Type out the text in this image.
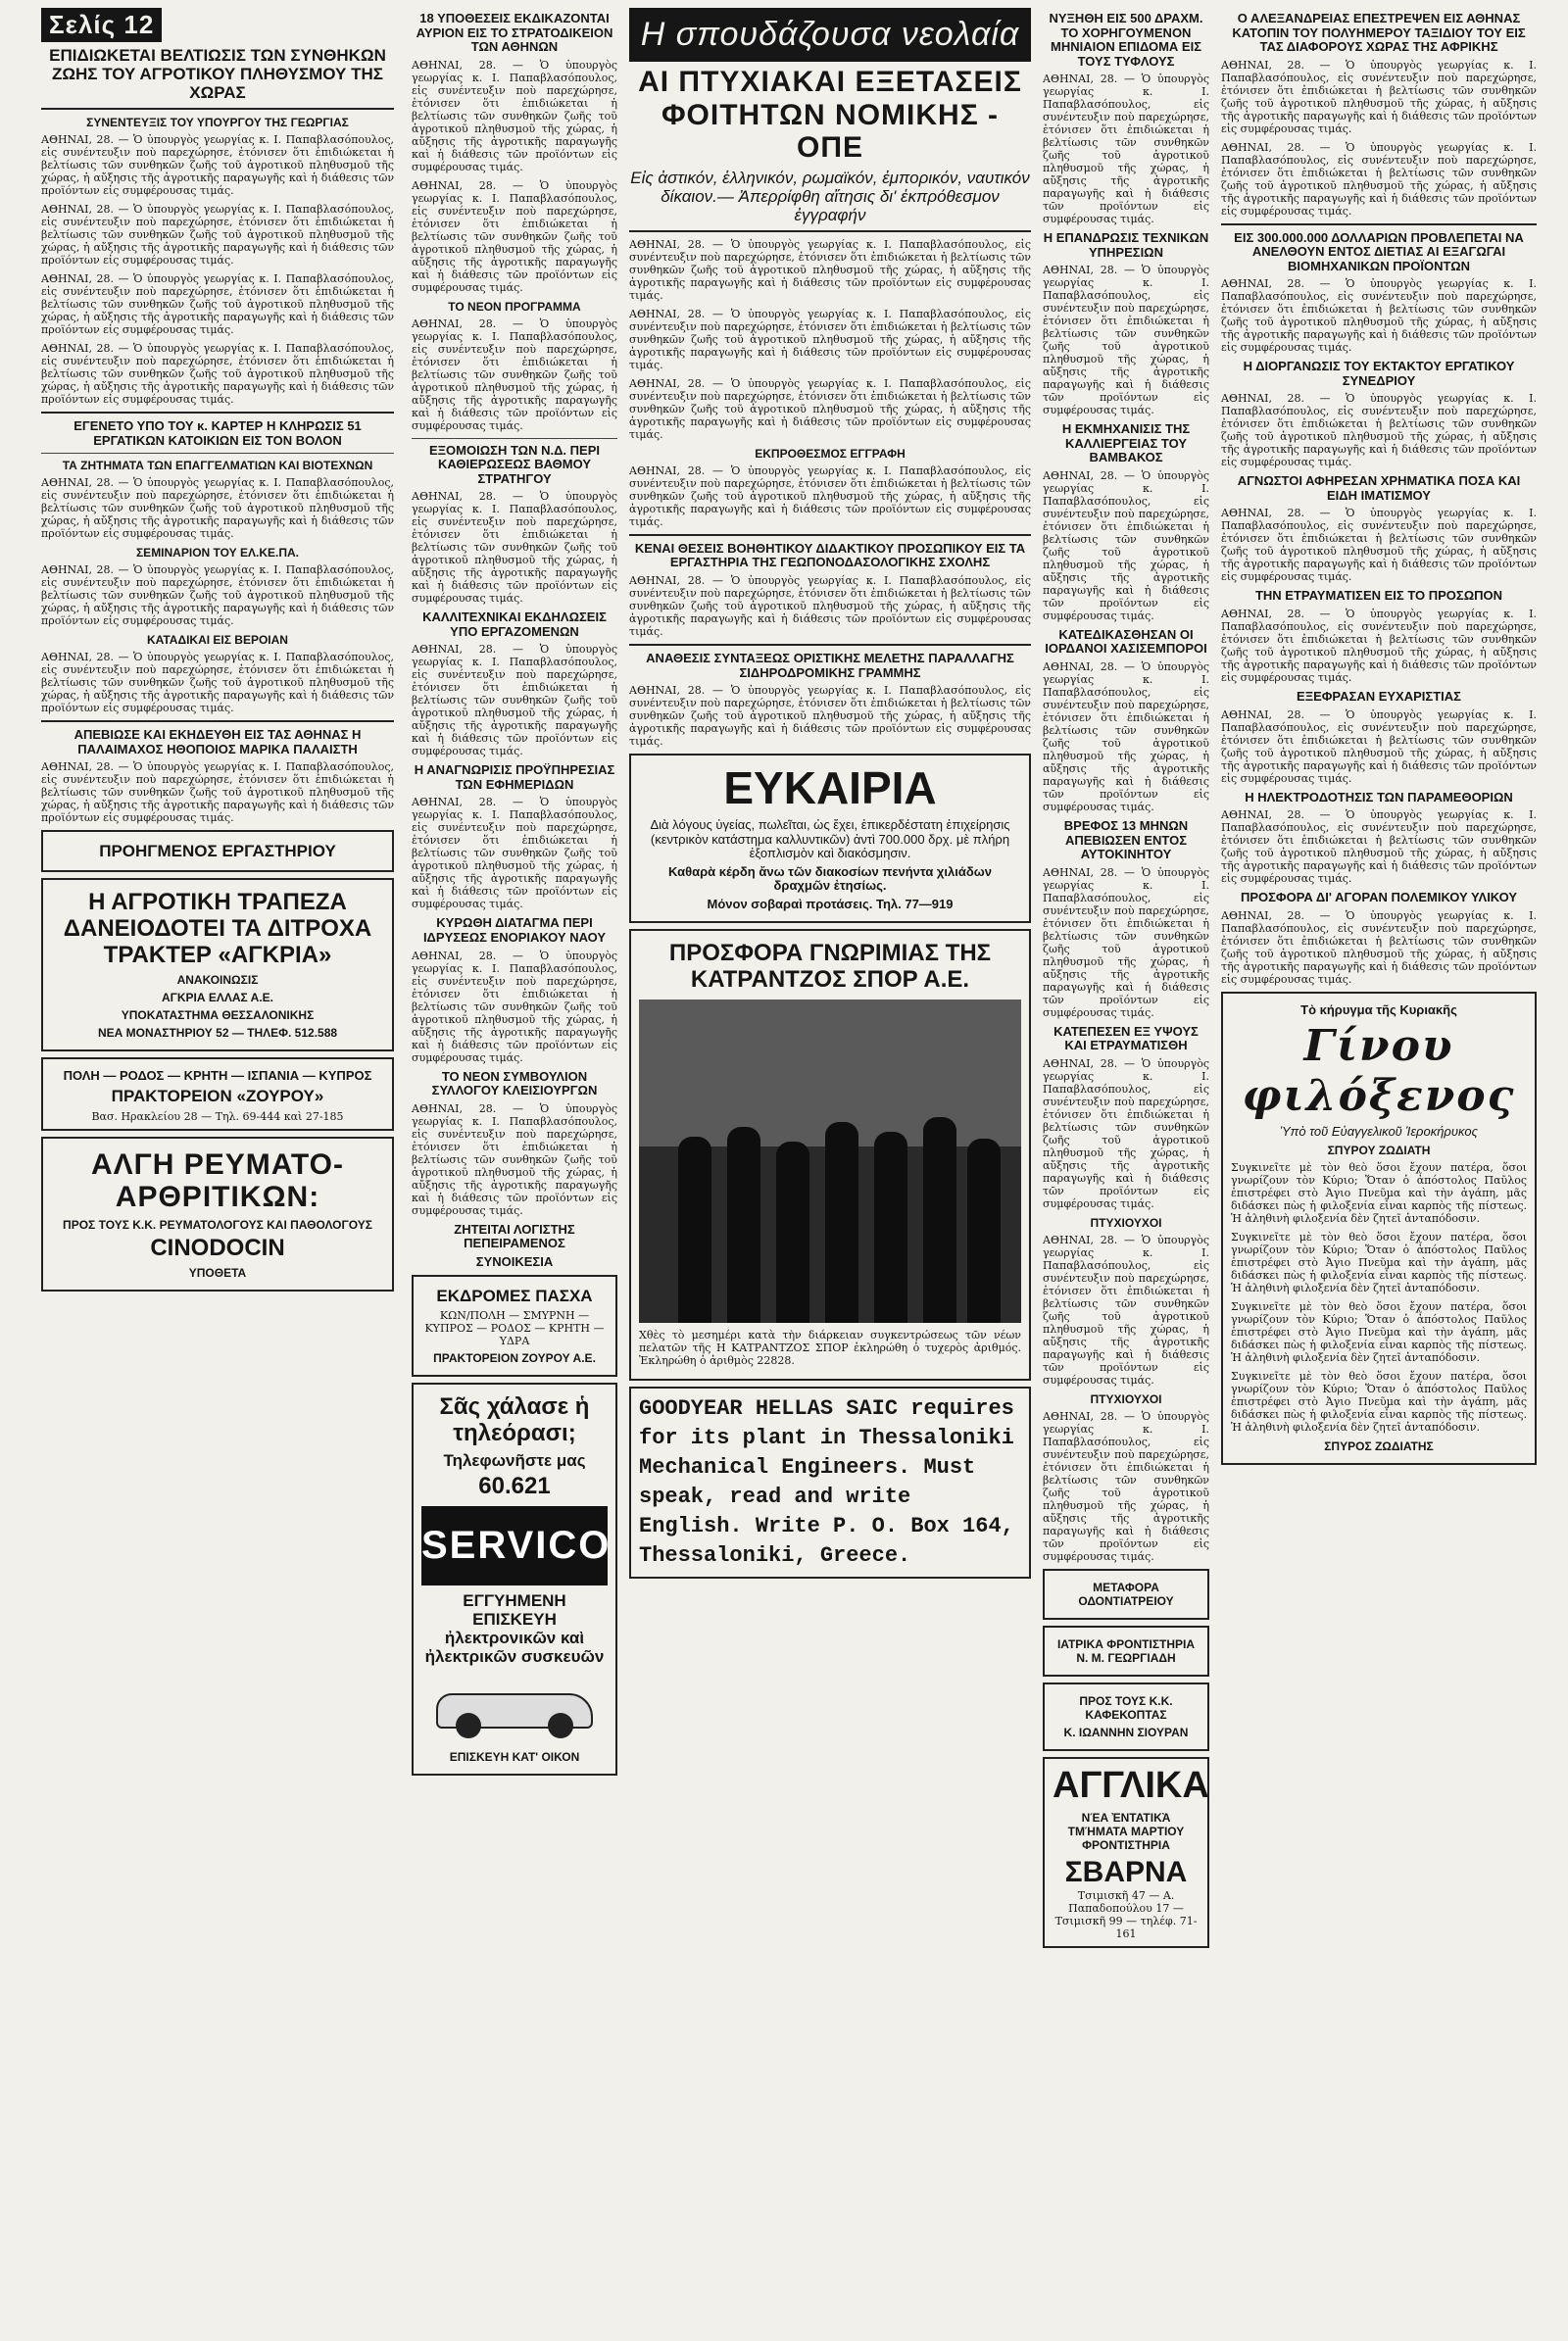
Σελίς 12
ΕΠΙΔΙΩΚΕΤΑΙ ΒΕΛΤΙΩΣΙΣ ΤΩΝ ΣΥΝΘΗΚΩΝ ΖΩΗΣ ΤΟΥ ΑΓΡΟΤΙΚΟΥ ΠΛΗΘΥΣΜΟΥ ΤΗΣ ΧΩΡΑΣ
ΣΥΝΕΝΤΕΥΞΙΣ ΤΟΥ ΥΠΟΥΡΓΟΥ ΤΗΣ ΓΕΩΡΓΙΑΣ

ΑΘΗΝΑΙ, 28. — Ὁ ὑπουργὸς γεωργίας κ. Ι. Παπαβλασόπουλος, εἰς συνέντευξιν ποὺ παρεχώρησε, ἐτόνισεν ὅτι ἐπιδιώκεται ἡ βελτίωσις τῶν συνθηκῶν ζωῆς τοῦ ἀγροτικοῦ πληθυσμοῦ τῆς χώρας, ἡ αὔξησις τῆς ἀγροτικῆς παραγωγῆς καὶ ἡ διάθεσις τῶν προϊόντων εἰς συμφέρουσας τιμάς.

ΑΘΗΝΑΙ, 28. — Ὁ ὑπουργὸς γεωργίας κ. Ι. Παπαβλασόπουλος, εἰς συνέντευξιν ποὺ παρεχώρησε, ἐτόνισεν ὅτι ἐπιδιώκεται ἡ βελτίωσις τῶν συνθηκῶν ζωῆς τοῦ ἀγροτικοῦ πληθυσμοῦ τῆς χώρας, ἡ αὔξησις τῆς ἀγροτικῆς παραγωγῆς καὶ ἡ διάθεσις τῶν προϊόντων εἰς συμφέρουσας τιμάς.

ΑΘΗΝΑΙ, 28. — Ὁ ὑπουργὸς γεωργίας κ. Ι. Παπαβλασόπουλος, εἰς συνέντευξιν ποὺ παρεχώρησε, ἐτόνισεν ὅτι ἐπιδιώκεται ἡ βελτίωσις τῶν συνθηκῶν ζωῆς τοῦ ἀγροτικοῦ πληθυσμοῦ τῆς χώρας, ἡ αὔξησις τῆς ἀγροτικῆς παραγωγῆς καὶ ἡ διάθεσις τῶν προϊόντων εἰς συμφέρουσας τιμάς.

ΑΘΗΝΑΙ, 28. — Ὁ ὑπουργὸς γεωργίας κ. Ι. Παπαβλασόπουλος, εἰς συνέντευξιν ποὺ παρεχώρησε, ἐτόνισεν ὅτι ἐπιδιώκεται ἡ βελτίωσις τῶν συνθηκῶν ζωῆς τοῦ ἀγροτικοῦ πληθυσμοῦ τῆς χώρας, ἡ αὔξησις τῆς ἀγροτικῆς παραγωγῆς καὶ ἡ διάθεσις τῶν προϊόντων εἰς συμφέρουσας τιμάς.

ΕΓΕΝΕΤΟ ΥΠΟ ΤΟΥ κ. ΚΑΡΤΕΡ Η ΚΛΗΡΩΣΙΣ 51 ΕΡΓΑΤΙΚΩΝ ΚΑΤΟΙΚΙΩΝ ΕΙΣ ΤΟΝ ΒΟΛΟΝ
ΤΑ ΖΗΤΗΜΑΤΑ ΤΩΝ ΕΠΑΓΓΕΛΜΑΤΙΩΝ ΚΑΙ ΒΙΟΤΕΧΝΩΝ

ΑΘΗΝΑΙ, 28. — Ὁ ὑπουργὸς γεωργίας κ. Ι. Παπαβλασόπουλος, εἰς συνέντευξιν ποὺ παρεχώρησε, ἐτόνισεν ὅτι ἐπιδιώκεται ἡ βελτίωσις τῶν συνθηκῶν ζωῆς τοῦ ἀγροτικοῦ πληθυσμοῦ τῆς χώρας, ἡ αὔξησις τῆς ἀγροτικῆς παραγωγῆς καὶ ἡ διάθεσις τῶν προϊόντων εἰς συμφέρουσας τιμάς.

ΣΕΜΙΝΑΡΙΟΝ ΤΟΥ ΕΛ.ΚΕ.ΠΑ.

ΑΘΗΝΑΙ, 28. — Ὁ ὑπουργὸς γεωργίας κ. Ι. Παπαβλασόπουλος, εἰς συνέντευξιν ποὺ παρεχώρησε, ἐτόνισεν ὅτι ἐπιδιώκεται ἡ βελτίωσις τῶν συνθηκῶν ζωῆς τοῦ ἀγροτικοῦ πληθυσμοῦ τῆς χώρας, ἡ αὔξησις τῆς ἀγροτικῆς παραγωγῆς καὶ ἡ διάθεσις τῶν προϊόντων εἰς συμφέρουσας τιμάς.

ΚΑΤΑΔΙΚΑΙ ΕΙΣ ΒΕΡΟΙΑΝ

ΑΘΗΝΑΙ, 28. — Ὁ ὑπουργὸς γεωργίας κ. Ι. Παπαβλασόπουλος, εἰς συνέντευξιν ποὺ παρεχώρησε, ἐτόνισεν ὅτι ἐπιδιώκεται ἡ βελτίωσις τῶν συνθηκῶν ζωῆς τοῦ ἀγροτικοῦ πληθυσμοῦ τῆς χώρας, ἡ αὔξησις τῆς ἀγροτικῆς παραγωγῆς καὶ ἡ διάθεσις τῶν προϊόντων εἰς συμφέρουσας τιμάς.

ΑΠΕΒΙΩΣΕ ΚΑΙ ΕΚΗΔΕΥΘΗ ΕΙΣ ΤΑΣ ΑΘΗΝΑΣ Η ΠΑΛΑΙΜΑΧΟΣ ΗΘΟΠΟΙΟΣ ΜΑΡΙΚΑ ΠΑΛΑΙΣΤΗ

ΑΘΗΝΑΙ, 28. — Ὁ ὑπουργὸς γεωργίας κ. Ι. Παπαβλασόπουλος, εἰς συνέντευξιν ποὺ παρεχώρησε, ἐτόνισεν ὅτι ἐπιδιώκεται ἡ βελτίωσις τῶν συνθηκῶν ζωῆς τοῦ ἀγροτικοῦ πληθυσμοῦ τῆς χώρας, ἡ αὔξησις τῆς ἀγροτικῆς παραγωγῆς καὶ ἡ διάθεσις τῶν προϊόντων εἰς συμφέρουσας τιμάς.

ΠΡΟΗΓΜΕΝΟΣ ΕΡΓΑΣΤΗΡΙΟΥ
Η ΑΓΡΟΤΙΚΗ ΤΡΑΠΕΖΑ ΔΑΝΕΙΟΔΟΤΕΙ ΤΑ ΔΙΤΡΟΧΑ ΤΡΑΚΤΕΡ «ΑΓΚΡΙΑ»
ΑΝΑΚΟΙΝΩΣΙΣ
ΑΓΚΡΙΑ ΕΛΛΑΣ Α.Ε.
ΥΠΟΚΑΤΑΣΤΗΜΑ ΘΕΣΣΑΛΟΝΙΚΗΣ
ΝΕΑ ΜΟΝΑΣΤΗΡΙΟΥ 52 — ΤΗΛΕΦ. 512.588
ΠΟΛΗ — ΡΟΔΟΣ — ΚΡΗΤΗ — ΙΣΠΑΝΙΑ — ΚΥΠΡΟΣ
ΠΡΑΚΤΟΡΕΙΟΝ «ΖΟΥΡΟΥ»
Βασ. Ηρακλείου 28 — Τηλ. 69-444 καὶ 27-185
ΑΛΓΗ ΡΕΥΜΑΤΟ- ΑΡΘΡΙΤΙΚΩΝ:
ΠΡΟΣ ΤΟΥΣ Κ.Κ. ΡΕΥΜΑΤΟΛΟΓΟΥΣ ΚΑΙ ΠΑΘΟΛΟΓΟΥΣ
CINODOCIN
ΥΠΟΘΕΤΑ
18 ΥΠΟΘΕΣΕΙΣ ΕΚΔΙΚΑΖΟΝΤΑΙ ΑΥΡΙΟΝ ΕΙΣ ΤΟ ΣΤΡΑΤΟΔΙΚΕΙΟΝ ΤΩΝ ΑΘΗΝΩΝ

ΑΘΗΝΑΙ, 28. — Ὁ ὑπουργὸς γεωργίας κ. Ι. Παπαβλασόπουλος, εἰς συνέντευξιν ποὺ παρεχώρησε, ἐτόνισεν ὅτι ἐπιδιώκεται ἡ βελτίωσις τῶν συνθηκῶν ζωῆς τοῦ ἀγροτικοῦ πληθυσμοῦ τῆς χώρας, ἡ αὔξησις τῆς ἀγροτικῆς παραγωγῆς καὶ ἡ διάθεσις τῶν προϊόντων εἰς συμφέρουσας τιμάς.

ΑΘΗΝΑΙ, 28. — Ὁ ὑπουργὸς γεωργίας κ. Ι. Παπαβλασόπουλος, εἰς συνέντευξιν ποὺ παρεχώρησε, ἐτόνισεν ὅτι ἐπιδιώκεται ἡ βελτίωσις τῶν συνθηκῶν ζωῆς τοῦ ἀγροτικοῦ πληθυσμοῦ τῆς χώρας, ἡ αὔξησις τῆς ἀγροτικῆς παραγωγῆς καὶ ἡ διάθεσις τῶν προϊόντων εἰς συμφέρουσας τιμάς.

ΤΟ ΝΕΟΝ ΠΡΟΓΡΑΜΜΑ

ΑΘΗΝΑΙ, 28. — Ὁ ὑπουργὸς γεωργίας κ. Ι. Παπαβλασόπουλος, εἰς συνέντευξιν ποὺ παρεχώρησε, ἐτόνισεν ὅτι ἐπιδιώκεται ἡ βελτίωσις τῶν συνθηκῶν ζωῆς τοῦ ἀγροτικοῦ πληθυσμοῦ τῆς χώρας, ἡ αὔξησις τῆς ἀγροτικῆς παραγωγῆς καὶ ἡ διάθεσις τῶν προϊόντων εἰς συμφέρουσας τιμάς.

ΕΞΟΜΟΙΩΣΗ ΤΩΝ Ν.Δ. ΠΕΡΙ ΚΑΘΙΕΡΩΣΕΩΣ ΒΑΘΜΟΥ ΣΤΡΑΤΗΓΟΥ

ΑΘΗΝΑΙ, 28. — Ὁ ὑπουργὸς γεωργίας κ. Ι. Παπαβλασόπουλος, εἰς συνέντευξιν ποὺ παρεχώρησε, ἐτόνισεν ὅτι ἐπιδιώκεται ἡ βελτίωσις τῶν συνθηκῶν ζωῆς τοῦ ἀγροτικοῦ πληθυσμοῦ τῆς χώρας, ἡ αὔξησις τῆς ἀγροτικῆς παραγωγῆς καὶ ἡ διάθεσις τῶν προϊόντων εἰς συμφέρουσας τιμάς.

ΚΑΛΛΙΤΕΧΝΙΚΑΙ ΕΚΔΗΛΩΣΕΙΣ ΥΠΟ ΕΡΓΑΖΟΜΕΝΩΝ

ΑΘΗΝΑΙ, 28. — Ὁ ὑπουργὸς γεωργίας κ. Ι. Παπαβλασόπουλος, εἰς συνέντευξιν ποὺ παρεχώρησε, ἐτόνισεν ὅτι ἐπιδιώκεται ἡ βελτίωσις τῶν συνθηκῶν ζωῆς τοῦ ἀγροτικοῦ πληθυσμοῦ τῆς χώρας, ἡ αὔξησις τῆς ἀγροτικῆς παραγωγῆς καὶ ἡ διάθεσις τῶν προϊόντων εἰς συμφέρουσας τιμάς.

Η ΑΝΑΓΝΩΡΙΣΙΣ ΠΡΟΫΠΗΡΕΣΙΑΣ ΤΩΝ ΕΦΗΜΕΡΙΔΩΝ

ΑΘΗΝΑΙ, 28. — Ὁ ὑπουργὸς γεωργίας κ. Ι. Παπαβλασόπουλος, εἰς συνέντευξιν ποὺ παρεχώρησε, ἐτόνισεν ὅτι ἐπιδιώκεται ἡ βελτίωσις τῶν συνθηκῶν ζωῆς τοῦ ἀγροτικοῦ πληθυσμοῦ τῆς χώρας, ἡ αὔξησις τῆς ἀγροτικῆς παραγωγῆς καὶ ἡ διάθεσις τῶν προϊόντων εἰς συμφέρουσας τιμάς.

ΚΥΡΩΘΗ ΔΙΑΤΑΓΜΑ ΠΕΡΙ ΙΔΡΥΣΕΩΣ ΕΝΟΡΙΑΚΟΥ ΝΑΟΥ

ΑΘΗΝΑΙ, 28. — Ὁ ὑπουργὸς γεωργίας κ. Ι. Παπαβλασόπουλος, εἰς συνέντευξιν ποὺ παρεχώρησε, ἐτόνισεν ὅτι ἐπιδιώκεται ἡ βελτίωσις τῶν συνθηκῶν ζωῆς τοῦ ἀγροτικοῦ πληθυσμοῦ τῆς χώρας, ἡ αὔξησις τῆς ἀγροτικῆς παραγωγῆς καὶ ἡ διάθεσις τῶν προϊόντων εἰς συμφέρουσας τιμάς.

ΤΟ ΝΕΟΝ ΣΥΜΒΟΥΛΙΟΝ ΣΥΛΛΟΓΟΥ ΚΛΕΙΣΙΟΥΡΓΩΝ

ΑΘΗΝΑΙ, 28. — Ὁ ὑπουργὸς γεωργίας κ. Ι. Παπαβλασόπουλος, εἰς συνέντευξιν ποὺ παρεχώρησε, ἐτόνισεν ὅτι ἐπιδιώκεται ἡ βελτίωσις τῶν συνθηκῶν ζωῆς τοῦ ἀγροτικοῦ πληθυσμοῦ τῆς χώρας, ἡ αὔξησις τῆς ἀγροτικῆς παραγωγῆς καὶ ἡ διάθεσις τῶν προϊόντων εἰς συμφέρουσας τιμάς.

ΖΗΤΕΙΤΑΙ ΛΟΓΙΣΤΗΣ ΠΕΠΕΙΡΑΜΕΝΟΣ
ΣΥΝΟΙΚΕΣΙΑ
ΕΚΔΡΟΜΕΣ ΠΑΣΧΑ
ΚΩΝ/ΠΟΛΗ — ΣΜΥΡΝΗ — ΚΥΠΡΟΣ — ΡΟΔΟΣ — ΚΡΗΤΗ — ΥΔΡΑ
ΠΡΑΚΤΟΡΕΙΟΝ ΖΟΥΡΟΥ Α.Ε.
Σᾶς χάλασε ἡ τηλεόρασι;
Τηλεφωνῆστε μας
60.621
SERVICO
ΕΓΓΥΗΜΕΝΗ ΕΠΙΣΚΕΥΗ ἠλεκτρονικῶν καὶ ἠλεκτρικῶν συσκευῶν
ΕΠΙΣΚΕΥΗ ΚΑΤ' ΟΙΚΟΝ
Η σπουδάζουσα νεολαία
ΑΙ ΠΤΥΧΙΑΚΑΙ ΕΞΕΤΑΣΕΙΣ ΦΟΙΤΗΤΩΝ ΝΟΜΙΚΗΣ - ΟΠΕ
Εἰς ἀστικόν, ἑλληνικόν, ρωμαϊκόν, ἐμπορικόν, ναυτικόν δίκαιον.— Ἀπερρίφθη αἴτησις δι' ἐκπρόθεσμον ἐγγραφήν

ΑΘΗΝΑΙ, 28. — Ὁ ὑπουργὸς γεωργίας κ. Ι. Παπαβλασόπουλος, εἰς συνέντευξιν ποὺ παρεχώρησε, ἐτόνισεν ὅτι ἐπιδιώκεται ἡ βελτίωσις τῶν συνθηκῶν ζωῆς τοῦ ἀγροτικοῦ πληθυσμοῦ τῆς χώρας, ἡ αὔξησις τῆς ἀγροτικῆς παραγωγῆς καὶ ἡ διάθεσις τῶν προϊόντων εἰς συμφέρουσας τιμάς.

ΑΘΗΝΑΙ, 28. — Ὁ ὑπουργὸς γεωργίας κ. Ι. Παπαβλασόπουλος, εἰς συνέντευξιν ποὺ παρεχώρησε, ἐτόνισεν ὅτι ἐπιδιώκεται ἡ βελτίωσις τῶν συνθηκῶν ζωῆς τοῦ ἀγροτικοῦ πληθυσμοῦ τῆς χώρας, ἡ αὔξησις τῆς ἀγροτικῆς παραγωγῆς καὶ ἡ διάθεσις τῶν προϊόντων εἰς συμφέρουσας τιμάς.

ΑΘΗΝΑΙ, 28. — Ὁ ὑπουργὸς γεωργίας κ. Ι. Παπαβλασόπουλος, εἰς συνέντευξιν ποὺ παρεχώρησε, ἐτόνισεν ὅτι ἐπιδιώκεται ἡ βελτίωσις τῶν συνθηκῶν ζωῆς τοῦ ἀγροτικοῦ πληθυσμοῦ τῆς χώρας, ἡ αὔξησις τῆς ἀγροτικῆς παραγωγῆς καὶ ἡ διάθεσις τῶν προϊόντων εἰς συμφέρουσας τιμάς.

ΕΚΠΡΟΘΕΣΜΟΣ ΕΓΓΡΑΦΗ

ΑΘΗΝΑΙ, 28. — Ὁ ὑπουργὸς γεωργίας κ. Ι. Παπαβλασόπουλος, εἰς συνέντευξιν ποὺ παρεχώρησε, ἐτόνισεν ὅτι ἐπιδιώκεται ἡ βελτίωσις τῶν συνθηκῶν ζωῆς τοῦ ἀγροτικοῦ πληθυσμοῦ τῆς χώρας, ἡ αὔξησις τῆς ἀγροτικῆς παραγωγῆς καὶ ἡ διάθεσις τῶν προϊόντων εἰς συμφέρουσας τιμάς.

ΚΕΝΑΙ ΘΕΣΕΙΣ ΒΟΗΘΗΤΙΚΟΥ ΔΙΔΑΚΤΙΚΟΥ ΠΡΟΣΩΠΙΚΟΥ ΕΙΣ ΤΑ ΕΡΓΑΣΤΗΡΙΑ ΤΗΣ ΓΕΩΠΟΝΟΔΑΣΟΛΟΓΙΚΗΣ ΣΧΟΛΗΣ

ΑΘΗΝΑΙ, 28. — Ὁ ὑπουργὸς γεωργίας κ. Ι. Παπαβλασόπουλος, εἰς συνέντευξιν ποὺ παρεχώρησε, ἐτόνισεν ὅτι ἐπιδιώκεται ἡ βελτίωσις τῶν συνθηκῶν ζωῆς τοῦ ἀγροτικοῦ πληθυσμοῦ τῆς χώρας, ἡ αὔξησις τῆς ἀγροτικῆς παραγωγῆς καὶ ἡ διάθεσις τῶν προϊόντων εἰς συμφέρουσας τιμάς.

ΑΝΑΘΕΣΙΣ ΣΥΝΤΑΞΕΩΣ ΟΡΙΣΤΙΚΗΣ ΜΕΛΕΤΗΣ ΠΑΡΑΛΛΑΓΗΣ ΣΙΔΗΡΟΔΡΟΜΙΚΗΣ ΓΡΑΜΜΗΣ

ΑΘΗΝΑΙ, 28. — Ὁ ὑπουργὸς γεωργίας κ. Ι. Παπαβλασόπουλος, εἰς συνέντευξιν ποὺ παρεχώρησε, ἐτόνισεν ὅτι ἐπιδιώκεται ἡ βελτίωσις τῶν συνθηκῶν ζωῆς τοῦ ἀγροτικοῦ πληθυσμοῦ τῆς χώρας, ἡ αὔξησις τῆς ἀγροτικῆς παραγωγῆς καὶ ἡ διάθεσις τῶν προϊόντων εἰς συμφέρουσας τιμάς.

ΕΥΚΑΙΡΙΑ
Διὰ λόγους ὑγείας, πωλεῖται, ὡς ἔχει, ἐπικερδέστατη ἐπιχείρησις (κεντρικὸν κατάστημα καλλυντικῶν) ἀντὶ 700.000 δρχ. μὲ πλήρη ἐξοπλισμὸν καὶ διακόσμησιν.
Καθαρὰ κέρδη ἄνω τῶν διακοσίων πενήντα χιλιάδων δραχμῶν ἐτησίως.
Μόνον σοβαραὶ προτάσεις. Τηλ. 77—919
ΠΡΟΣΦΟΡΑ ΓΝΩΡΙΜΙΑΣ ΤΗΣ ΚΑΤΡΑΝΤΖΟΣ ΣΠΟΡ Α.Ε.

Χθὲς τὸ μεσημέρι κατὰ τὴν διάρκειαν συγκεντρώσεως τῶν νέων πελατῶν τῆς Η ΚΑΤΡΑΝΤΖΟΣ ΣΠΟΡ ἐκληρώθη ὁ τυχερὸς ἀριθμός. Ἐκληρώθη ὁ ἀριθμὸς 22828.

GOODYEAR HELLAS SAIC requires for its plant in Thessaloniki Mechanical Engineers. Must speak, read and write English. Write P. O. Box 164, Thessaloniki, Greece.
ΝΥΞΗΘΗ ΕΙΣ 500 ΔΡΑΧΜ. ΤΟ ΧΟΡΗΓΟΥΜΕΝΟΝ ΜΗΝΙΑΙΟΝ ΕΠΙΔΟΜΑ ΕΙΣ ΤΟΥΣ ΤΥΦΛΟΥΣ

ΑΘΗΝΑΙ, 28. — Ὁ ὑπουργὸς γεωργίας κ. Ι. Παπαβλασόπουλος, εἰς συνέντευξιν ποὺ παρεχώρησε, ἐτόνισεν ὅτι ἐπιδιώκεται ἡ βελτίωσις τῶν συνθηκῶν ζωῆς τοῦ ἀγροτικοῦ πληθυσμοῦ τῆς χώρας, ἡ αὔξησις τῆς ἀγροτικῆς παραγωγῆς καὶ ἡ διάθεσις τῶν προϊόντων εἰς συμφέρουσας τιμάς.

Η ΕΠΑΝΔΡΩΣΙΣ ΤΕΧΝΙΚΩΝ ΥΠΗΡΕΣΙΩΝ

ΑΘΗΝΑΙ, 28. — Ὁ ὑπουργὸς γεωργίας κ. Ι. Παπαβλασόπουλος, εἰς συνέντευξιν ποὺ παρεχώρησε, ἐτόνισεν ὅτι ἐπιδιώκεται ἡ βελτίωσις τῶν συνθηκῶν ζωῆς τοῦ ἀγροτικοῦ πληθυσμοῦ τῆς χώρας, ἡ αὔξησις τῆς ἀγροτικῆς παραγωγῆς καὶ ἡ διάθεσις τῶν προϊόντων εἰς συμφέρουσας τιμάς.

Η ΕΚΜΗΧΑΝΙΣΙΣ ΤΗΣ ΚΑΛΛΙΕΡΓΕΙΑΣ ΤΟΥ ΒΑΜΒΑΚΟΣ

ΑΘΗΝΑΙ, 28. — Ὁ ὑπουργὸς γεωργίας κ. Ι. Παπαβλασόπουλος, εἰς συνέντευξιν ποὺ παρεχώρησε, ἐτόνισεν ὅτι ἐπιδιώκεται ἡ βελτίωσις τῶν συνθηκῶν ζωῆς τοῦ ἀγροτικοῦ πληθυσμοῦ τῆς χώρας, ἡ αὔξησις τῆς ἀγροτικῆς παραγωγῆς καὶ ἡ διάθεσις τῶν προϊόντων εἰς συμφέρουσας τιμάς.

ΚΑΤΕΔΙΚΑΣΘΗΣΑΝ ΟΙ ΙΟΡΔΑΝΟΙ ΧΑΣΙΣΕΜΠΟΡΟΙ

ΑΘΗΝΑΙ, 28. — Ὁ ὑπουργὸς γεωργίας κ. Ι. Παπαβλασόπουλος, εἰς συνέντευξιν ποὺ παρεχώρησε, ἐτόνισεν ὅτι ἐπιδιώκεται ἡ βελτίωσις τῶν συνθηκῶν ζωῆς τοῦ ἀγροτικοῦ πληθυσμοῦ τῆς χώρας, ἡ αὔξησις τῆς ἀγροτικῆς παραγωγῆς καὶ ἡ διάθεσις τῶν προϊόντων εἰς συμφέρουσας τιμάς.

ΒΡΕΦΟΣ 13 ΜΗΝΩΝ ΑΠΕΒΙΩΣΕΝ ΕΝΤΟΣ ΑΥΤΟΚΙΝΗΤΟΥ

ΑΘΗΝΑΙ, 28. — Ὁ ὑπουργὸς γεωργίας κ. Ι. Παπαβλασόπουλος, εἰς συνέντευξιν ποὺ παρεχώρησε, ἐτόνισεν ὅτι ἐπιδιώκεται ἡ βελτίωσις τῶν συνθηκῶν ζωῆς τοῦ ἀγροτικοῦ πληθυσμοῦ τῆς χώρας, ἡ αὔξησις τῆς ἀγροτικῆς παραγωγῆς καὶ ἡ διάθεσις τῶν προϊόντων εἰς συμφέρουσας τιμάς.

ΚΑΤΕΠΕΣΕΝ ΕΞ ΥΨΟΥΣ ΚΑΙ ΕΤΡΑΥΜΑΤΙΣΘΗ

ΑΘΗΝΑΙ, 28. — Ὁ ὑπουργὸς γεωργίας κ. Ι. Παπαβλασόπουλος, εἰς συνέντευξιν ποὺ παρεχώρησε, ἐτόνισεν ὅτι ἐπιδιώκεται ἡ βελτίωσις τῶν συνθηκῶν ζωῆς τοῦ ἀγροτικοῦ πληθυσμοῦ τῆς χώρας, ἡ αὔξησις τῆς ἀγροτικῆς παραγωγῆς καὶ ἡ διάθεσις τῶν προϊόντων εἰς συμφέρουσας τιμάς.

ΠΤΥΧΙΟΥΧΟΙ

ΑΘΗΝΑΙ, 28. — Ὁ ὑπουργὸς γεωργίας κ. Ι. Παπαβλασόπουλος, εἰς συνέντευξιν ποὺ παρεχώρησε, ἐτόνισεν ὅτι ἐπιδιώκεται ἡ βελτίωσις τῶν συνθηκῶν ζωῆς τοῦ ἀγροτικοῦ πληθυσμοῦ τῆς χώρας, ἡ αὔξησις τῆς ἀγροτικῆς παραγωγῆς καὶ ἡ διάθεσις τῶν προϊόντων εἰς συμφέρουσας τιμάς.

ΠΤΥΧΙΟΥΧΟΙ

ΑΘΗΝΑΙ, 28. — Ὁ ὑπουργὸς γεωργίας κ. Ι. Παπαβλασόπουλος, εἰς συνέντευξιν ποὺ παρεχώρησε, ἐτόνισεν ὅτι ἐπιδιώκεται ἡ βελτίωσις τῶν συνθηκῶν ζωῆς τοῦ ἀγροτικοῦ πληθυσμοῦ τῆς χώρας, ἡ αὔξησις τῆς ἀγροτικῆς παραγωγῆς καὶ ἡ διάθεσις τῶν προϊόντων εἰς συμφέρουσας τιμάς.

ΜΕΤΑΦΟΡΑ ΟΔΟΝΤΙΑΤΡΕΙΟΥ
ΙΑΤΡΙΚΑ ΦΡΟΝΤΙΣΤΗΡΙΑ Ν. Μ. ΓΕΩΡΓΙΑΔΗ
ΠΡΟΣ ΤΟΥΣ Κ.Κ. ΚΑΦΕΚΟΠΤΑΣ
Κ. ΙΩΑΝΝΗΝ ΣΙΟΥΡΑΝ
ΑΓΓΛΙΚΑ
ΝΈΑ ἘΝΤΑΤΙΚᾺ ΤΜΉΜΑΤΑ ΜΑΡΤΙΟΥ ΦΡΟΝΤΙΣΤΗΡΙΑ
ΣΒΑΡΝΑ
Τσιμισκῆ 47 — Α. Παπαδοπούλου 17 — Τσιμισκῆ 99 — τηλέφ. 71-161
Ο ΑΛΕΞΑΝΔΡΕΙΑΣ ΕΠΕΣΤΡΕΨΕΝ ΕΙΣ ΑΘΗΝΑΣ ΚΑΤΟΠΙΝ ΤΟΥ ΠΟΛΥΗΜΕΡΟΥ ΤΑΞΙΔΙΟΥ ΤΟΥ ΕΙΣ ΤΑΣ ΔΙΑΦΟΡΟΥΣ ΧΩΡΑΣ ΤΗΣ ΑΦΡΙΚΗΣ

ΑΘΗΝΑΙ, 28. — Ὁ ὑπουργὸς γεωργίας κ. Ι. Παπαβλασόπουλος, εἰς συνέντευξιν ποὺ παρεχώρησε, ἐτόνισεν ὅτι ἐπιδιώκεται ἡ βελτίωσις τῶν συνθηκῶν ζωῆς τοῦ ἀγροτικοῦ πληθυσμοῦ τῆς χώρας, ἡ αὔξησις τῆς ἀγροτικῆς παραγωγῆς καὶ ἡ διάθεσις τῶν προϊόντων εἰς συμφέρουσας τιμάς.

ΑΘΗΝΑΙ, 28. — Ὁ ὑπουργὸς γεωργίας κ. Ι. Παπαβλασόπουλος, εἰς συνέντευξιν ποὺ παρεχώρησε, ἐτόνισεν ὅτι ἐπιδιώκεται ἡ βελτίωσις τῶν συνθηκῶν ζωῆς τοῦ ἀγροτικοῦ πληθυσμοῦ τῆς χώρας, ἡ αὔξησις τῆς ἀγροτικῆς παραγωγῆς καὶ ἡ διάθεσις τῶν προϊόντων εἰς συμφέρουσας τιμάς.

ΕΙΣ 300.000.000 ΔΟΛΛΑΡΙΩΝ ΠΡΟΒΛΕΠΕΤΑΙ ΝΑ ΑΝΕΛΘΟΥΝ ΕΝΤΟΣ ΔΙΕΤΙΑΣ ΑΙ ΕΞΑΓΩΓΑΙ ΒΙΟΜΗΧΑΝΙΚΩΝ ΠΡΟΪΟΝΤΩΝ

ΑΘΗΝΑΙ, 28. — Ὁ ὑπουργὸς γεωργίας κ. Ι. Παπαβλασόπουλος, εἰς συνέντευξιν ποὺ παρεχώρησε, ἐτόνισεν ὅτι ἐπιδιώκεται ἡ βελτίωσις τῶν συνθηκῶν ζωῆς τοῦ ἀγροτικοῦ πληθυσμοῦ τῆς χώρας, ἡ αὔξησις τῆς ἀγροτικῆς παραγωγῆς καὶ ἡ διάθεσις τῶν προϊόντων εἰς συμφέρουσας τιμάς.

Η ΔΙΟΡΓΑΝΩΣΙΣ ΤΟΥ ΕΚΤΑΚΤΟΥ ΕΡΓΑΤΙΚΟΥ ΣΥΝΕΔΡΙΟΥ

ΑΘΗΝΑΙ, 28. — Ὁ ὑπουργὸς γεωργίας κ. Ι. Παπαβλασόπουλος, εἰς συνέντευξιν ποὺ παρεχώρησε, ἐτόνισεν ὅτι ἐπιδιώκεται ἡ βελτίωσις τῶν συνθηκῶν ζωῆς τοῦ ἀγροτικοῦ πληθυσμοῦ τῆς χώρας, ἡ αὔξησις τῆς ἀγροτικῆς παραγωγῆς καὶ ἡ διάθεσις τῶν προϊόντων εἰς συμφέρουσας τιμάς.

ΑΓΝΩΣΤΟΙ ΑΦΗΡΕΣΑΝ ΧΡΗΜΑΤΙΚΑ ΠΟΣΑ ΚΑΙ ΕΙΔΗ ΙΜΑΤΙΣΜΟΥ

ΑΘΗΝΑΙ, 28. — Ὁ ὑπουργὸς γεωργίας κ. Ι. Παπαβλασόπουλος, εἰς συνέντευξιν ποὺ παρεχώρησε, ἐτόνισεν ὅτι ἐπιδιώκεται ἡ βελτίωσις τῶν συνθηκῶν ζωῆς τοῦ ἀγροτικοῦ πληθυσμοῦ τῆς χώρας, ἡ αὔξησις τῆς ἀγροτικῆς παραγωγῆς καὶ ἡ διάθεσις τῶν προϊόντων εἰς συμφέρουσας τιμάς.

ΤΗΝ ΕΤΡΑΥΜΑΤΙΣΕΝ ΕΙΣ ΤΟ ΠΡΟΣΩΠΟΝ

ΑΘΗΝΑΙ, 28. — Ὁ ὑπουργὸς γεωργίας κ. Ι. Παπαβλασόπουλος, εἰς συνέντευξιν ποὺ παρεχώρησε, ἐτόνισεν ὅτι ἐπιδιώκεται ἡ βελτίωσις τῶν συνθηκῶν ζωῆς τοῦ ἀγροτικοῦ πληθυσμοῦ τῆς χώρας, ἡ αὔξησις τῆς ἀγροτικῆς παραγωγῆς καὶ ἡ διάθεσις τῶν προϊόντων εἰς συμφέρουσας τιμάς.

ΕΞΕΦΡΑΣΑΝ ΕΥΧΑΡΙΣΤΙΑΣ

ΑΘΗΝΑΙ, 28. — Ὁ ὑπουργὸς γεωργίας κ. Ι. Παπαβλασόπουλος, εἰς συνέντευξιν ποὺ παρεχώρησε, ἐτόνισεν ὅτι ἐπιδιώκεται ἡ βελτίωσις τῶν συνθηκῶν ζωῆς τοῦ ἀγροτικοῦ πληθυσμοῦ τῆς χώρας, ἡ αὔξησις τῆς ἀγροτικῆς παραγωγῆς καὶ ἡ διάθεσις τῶν προϊόντων εἰς συμφέρουσας τιμάς.

Η ΗΛΕΚΤΡΟΔΟΤΗΣΙΣ ΤΩΝ ΠΑΡΑΜΕΘΟΡΙΩΝ

ΑΘΗΝΑΙ, 28. — Ὁ ὑπουργὸς γεωργίας κ. Ι. Παπαβλασόπουλος, εἰς συνέντευξιν ποὺ παρεχώρησε, ἐτόνισεν ὅτι ἐπιδιώκεται ἡ βελτίωσις τῶν συνθηκῶν ζωῆς τοῦ ἀγροτικοῦ πληθυσμοῦ τῆς χώρας, ἡ αὔξησις τῆς ἀγροτικῆς παραγωγῆς καὶ ἡ διάθεσις τῶν προϊόντων εἰς συμφέρουσας τιμάς.

ΠΡΟΣΦΟΡΑ ΔΙ' ΑΓΟΡΑΝ ΠΟΛΕΜΙΚΟΥ ΥΛΙΚΟΥ

ΑΘΗΝΑΙ, 28. — Ὁ ὑπουργὸς γεωργίας κ. Ι. Παπαβλασόπουλος, εἰς συνέντευξιν ποὺ παρεχώρησε, ἐτόνισεν ὅτι ἐπιδιώκεται ἡ βελτίωσις τῶν συνθηκῶν ζωῆς τοῦ ἀγροτικοῦ πληθυσμοῦ τῆς χώρας, ἡ αὔξησις τῆς ἀγροτικῆς παραγωγῆς καὶ ἡ διάθεσις τῶν προϊόντων εἰς συμφέρουσας τιμάς.

Τὸ κήρυγμα τῆς Κυριακῆς
Γίνου φιλόξενος
Ὑπὸ τοῦ Εὐαγγελικοῦ Ἱεροκήρυκος
ΣΠΥΡΟΥ ΖΩΔΙΑΤΗ

Συγκινεῖτε μὲ τὸν θεὸ ὅσοι ἔχουν πατέρα, ὅσοι γνωρίζουν τὸν Κύριο; Ὅταν ὁ ἀπόστολος Παῦλος ἐπιστρέφει στὸ Ἀγιο Πνεῦμα καὶ τὴν ἀγάπη, μᾶς διδάσκει πὼς ἡ φιλοξενία εἶναι καρπὸς τῆς πίστεως. Ἡ ἀληθινὴ φιλοξενία δὲν ζητεῖ ἀνταπόδοσιν.

Συγκινεῖτε μὲ τὸν θεὸ ὅσοι ἔχουν πατέρα, ὅσοι γνωρίζουν τὸν Κύριο; Ὅταν ὁ ἀπόστολος Παῦλος ἐπιστρέφει στὸ Ἀγιο Πνεῦμα καὶ τὴν ἀγάπη, μᾶς διδάσκει πὼς ἡ φιλοξενία εἶναι καρπὸς τῆς πίστεως. Ἡ ἀληθινὴ φιλοξενία δὲν ζητεῖ ἀνταπόδοσιν.

Συγκινεῖτε μὲ τὸν θεὸ ὅσοι ἔχουν πατέρα, ὅσοι γνωρίζουν τὸν Κύριο; Ὅταν ὁ ἀπόστολος Παῦλος ἐπιστρέφει στὸ Ἀγιο Πνεῦμα καὶ τὴν ἀγάπη, μᾶς διδάσκει πὼς ἡ φιλοξενία εἶναι καρπὸς τῆς πίστεως. Ἡ ἀληθινὴ φιλοξενία δὲν ζητεῖ ἀνταπόδοσιν.

Συγκινεῖτε μὲ τὸν θεὸ ὅσοι ἔχουν πατέρα, ὅσοι γνωρίζουν τὸν Κύριο; Ὅταν ὁ ἀπόστολος Παῦλος ἐπιστρέφει στὸ Ἀγιο Πνεῦμα καὶ τὴν ἀγάπη, μᾶς διδάσκει πὼς ἡ φιλοξενία εἶναι καρπὸς τῆς πίστεως. Ἡ ἀληθινὴ φιλοξενία δὲν ζητεῖ ἀνταπόδοσιν.

ΣΠΥΡΟΣ ΖΩΔΙΑΤΗΣ
